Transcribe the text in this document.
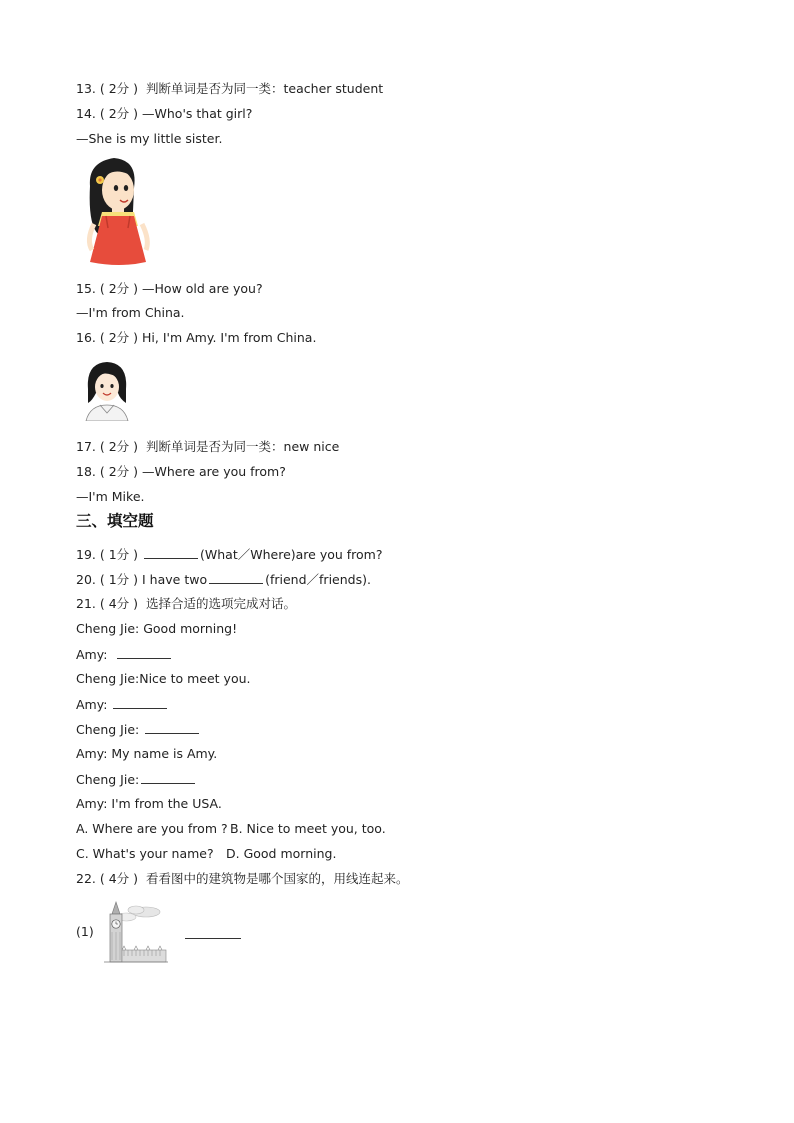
13. ( 2分 ) 判断单词是否为同一类：teacher student
14. ( 2分 ) —Who's that girl?
—She is my little sister.
15. ( 2分 ) —How old are you?
—I'm from China.
16. ( 2分 ) Hi, I'm Amy. I'm from China.
17. ( 2分 ) 判断单词是否为同一类：new nice
18. ( 2分 ) —Where are you from?
—I'm Mike.
三、填空题
19. ( 1分 )	(What／Where)are you from?
20. ( 1分 ) I have two	(friend／friends).
21. ( 4分 ) 选择合适的选项完成对话。
Cheng Jie: Good morning!
Amy:
Cheng Jie:Nice to meet you.
Amy:
Cheng Jie:
Amy: My name is Amy.
Cheng Jie:
Amy: I'm from the USA.
A. Where are you from ? B. Nice to meet you, too.
C. What's your name? D. Good morning.
22. ( 4分 ) 看看图中的建筑物是哪个国家的，用线连起来。
(1)
